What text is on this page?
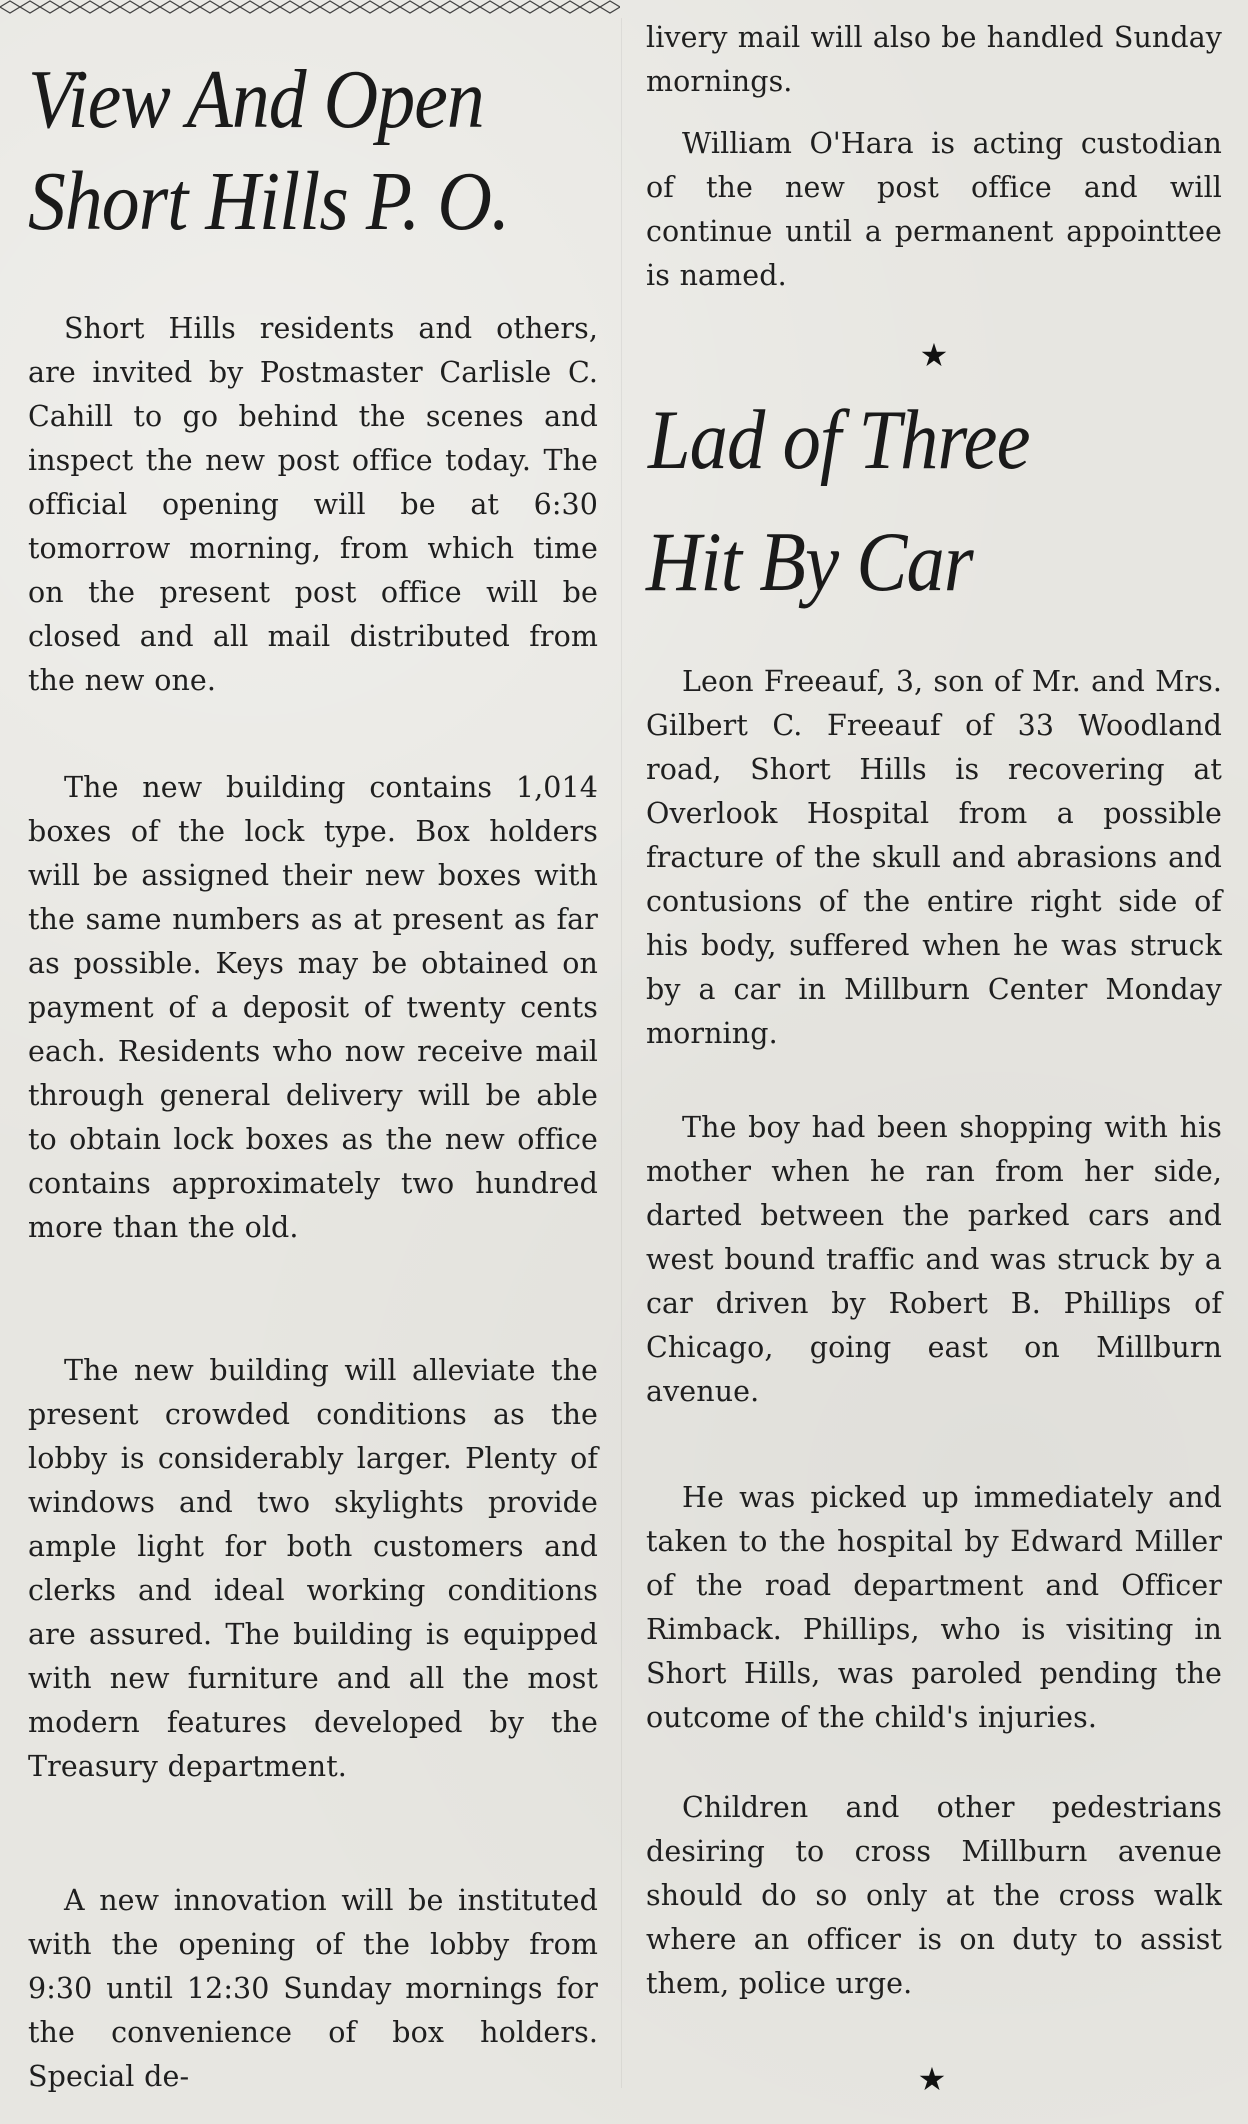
View And Open
Short Hills P. O.

Short Hills residents and others, are invited by Postmaster Carlisle C. Cahill to go behind the scenes and inspect the new post office today. The official opening will be at 6:30 tomorrow morning, from which time on the present post office will be closed and all mail distributed from the new one.

The new building contains 1,014 boxes of the lock type. Box holders will be assigned their new boxes with the same numbers as at present as far as possible. Keys may be obtained on payment of a deposit of twenty cents each. Residents who now receive mail through general delivery will be able to obtain lock boxes as the new office contains approximately two hundred more than the old.

The new building will alleviate the present crowded conditions as the lobby is considerably larger. Plenty of windows and two skylights provide ample light for both customers and clerks and ideal working conditions are assured. The building is equipped with new furniture and all the most modern features developed by the Treasury department.

A new innovation will be instituted with the opening of the lobby from 9:30 until 12:30 Sunday mornings for the convenience of box holders. Special de-

livery mail will also be handled Sunday mornings.

William O'Hara is acting custodian of the new post office and will continue until a permanent appointtee is named.

★
Lad of Three
Hit By Car

Leon Freeauf, 3, son of Mr. and Mrs. Gilbert C. Freeauf of 33 Woodland road, Short Hills is recovering at Overlook Hospital from a possible fracture of the skull and abrasions and contusions of the entire right side of his body, suffered when he was struck by a car in Millburn Center Monday morning.

The boy had been shopping with his mother when he ran from her side, darted between the parked cars and west bound traffic and was struck by a car driven by Robert B. Phillips of Chicago, going east on Millburn avenue.

He was picked up immediately and taken to the hospital by Edward Miller of the road department and Officer Rimback. Phillips, who is visiting in Short Hills, was paroled pending the outcome of the child's injuries.

Children and other pedestrians desiring to cross Millburn avenue should do so only at the cross walk where an officer is on duty to assist them, police urge.

★
